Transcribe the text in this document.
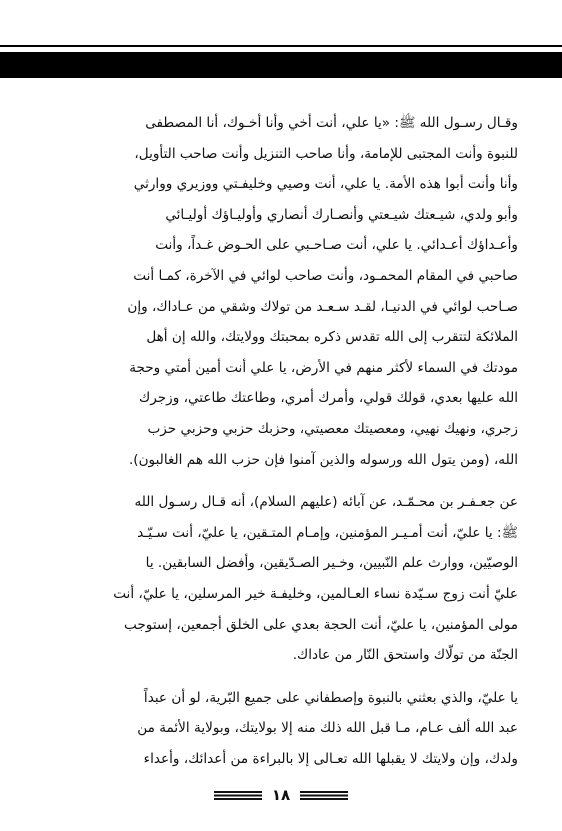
وقـال رسـول الله ﷺ: «يا علي، أنت أخي وأنا أخـوك، أنا المصطفى
للنبوة وأنت المجتبى للإمامة، وأنا صاحب التنزيل وأنت صاحب التأويل،
وأنا وأنت أبوا هذه الأمة. يا علي، أنت وصيي وخليفـتي ووزيري ووارثي
وأبو ولدي، شيـعتك شيـعتي وأنصـارك أنصاري وأوليـاؤك أوليـائي
وأعـداؤك أعـدائي. يا علي، أنت صـاحـبي على الحـوض غـداً، وأنت
صاحبي في المقام المحمـود، وأنت صاحب لوائي في الآخرة، كمـا أنت
صـاحب لوائي في الدنيـا، لقـد سـعـد من تولاك وشقي من عـاداك، وإن
الملائكة لتتقرب إلى الله تقدس ذكره بمحبتك وولايتك، والله إن أهل
مودتك في السماء لأكثر منهم في الأرض، يا علي أنت أمين أمتي وحجة
الله عليها بعدي، قولك قولي، وأمرك أمري، وطاعتك طاعتي، وزجرك
زجري، ونهيك نهيي، ومعصيتك معصيتي، وحزبك حزبي وحزبي حزب
الله، (ومن يتول الله ورسوله والذين آمنوا فإن حزب الله هم الغالبون).
عن جعـفـر بن محـمّـد، عن آبائه (عليهم السلام)، أنه قـال رسـول الله
ﷺ: يا عليّ، أنت أمـيـر المؤمنين، وإمـام المتـقين، يا عليّ، أنت سـيّـد
الوصيّين، ووارث علم النّبيين، وخـير الصـدّيقين، وأفضل السابقين. يا
عليّ أنت زوج سـيّدة نساء العـالمين، وخليفـة خير المرسلين، يا عليّ، أنت
مولى المؤمنين، يا عليّ، أنت الحجة بعدي على الخلق أجمعين، إستوجب
الجنّة من تولّاك واستحق النّار من عاداك.
يا عليّ، والذي بعثني بالنبوة وإصطفاني على جميع البّرية، لو أن عبداً
عبد الله ألف عـام، مـا قبل الله ذلك منه إلا بولايتك، وبولاية الأئمة من
ولدك، وإن ولايتك لا يقبلها الله تعـالى إلا بالبراءة من أعدائك، وأعداء
١٨
